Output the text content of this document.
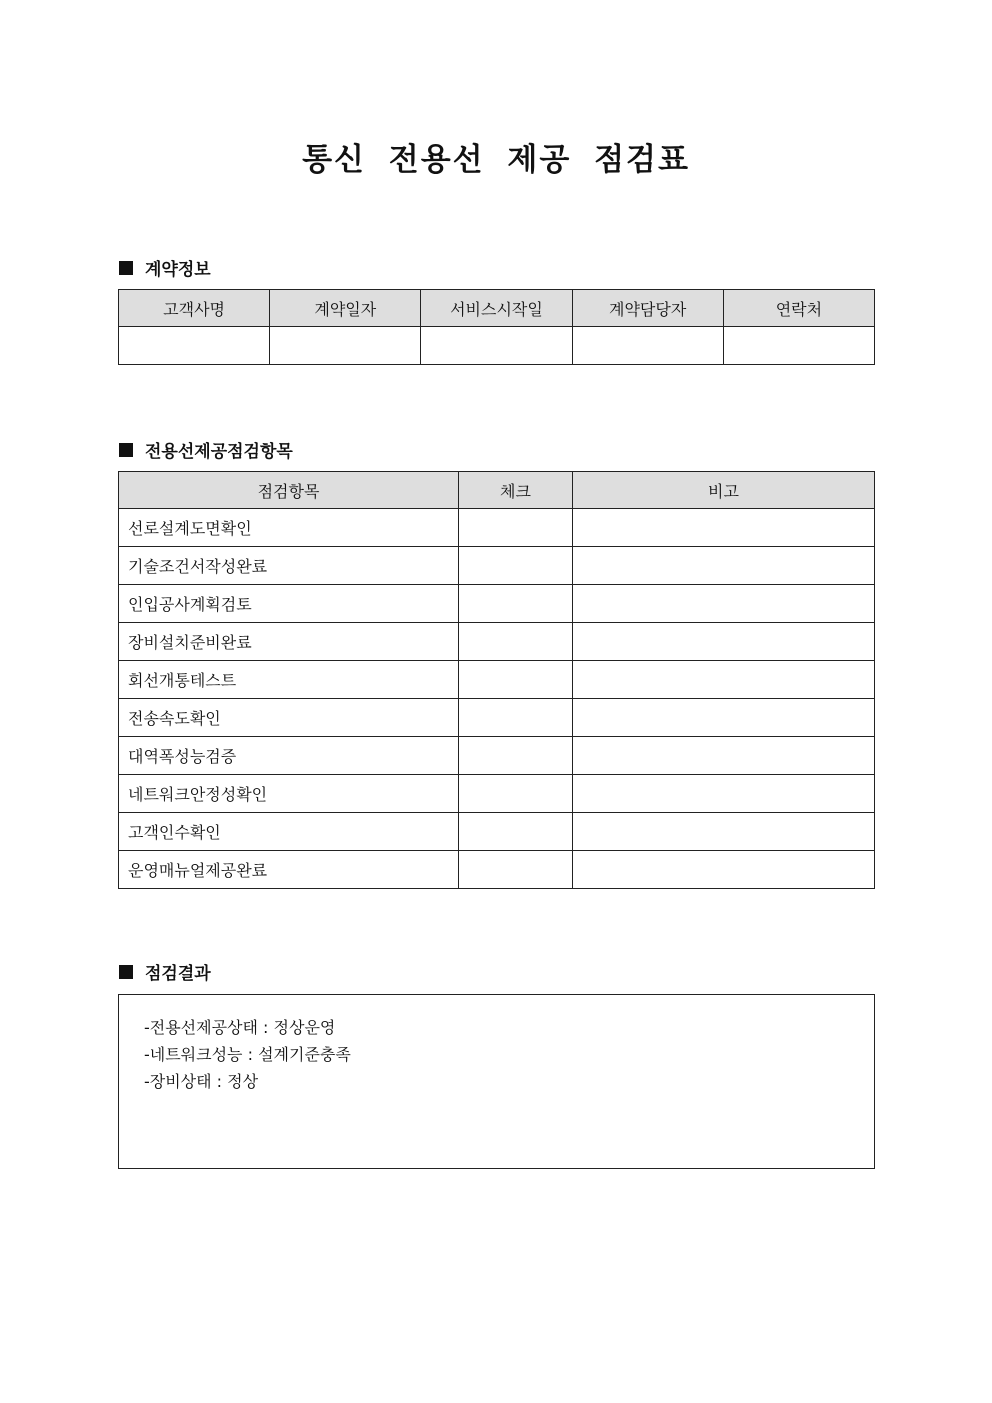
통신 전용선 제공 점검표
계약정보
고객사명	계약일자	서비스시작일	계약담당자	연락처

전용선제공점검항목
점검항목	체크	비고
선로설계도면확인		
기술조건서작성완료		
인입공사계획검토		
장비설치준비완료		
회선개통테스트		
전송속도확인		
대역폭성능검증		
네트워크안정성확인		
고객인수확인		
운영매뉴얼제공완료		
점검결과
-전용선제공상태 : 정상운영
-네트워크성능 : 설계기준충족
-장비상태 : 정상
